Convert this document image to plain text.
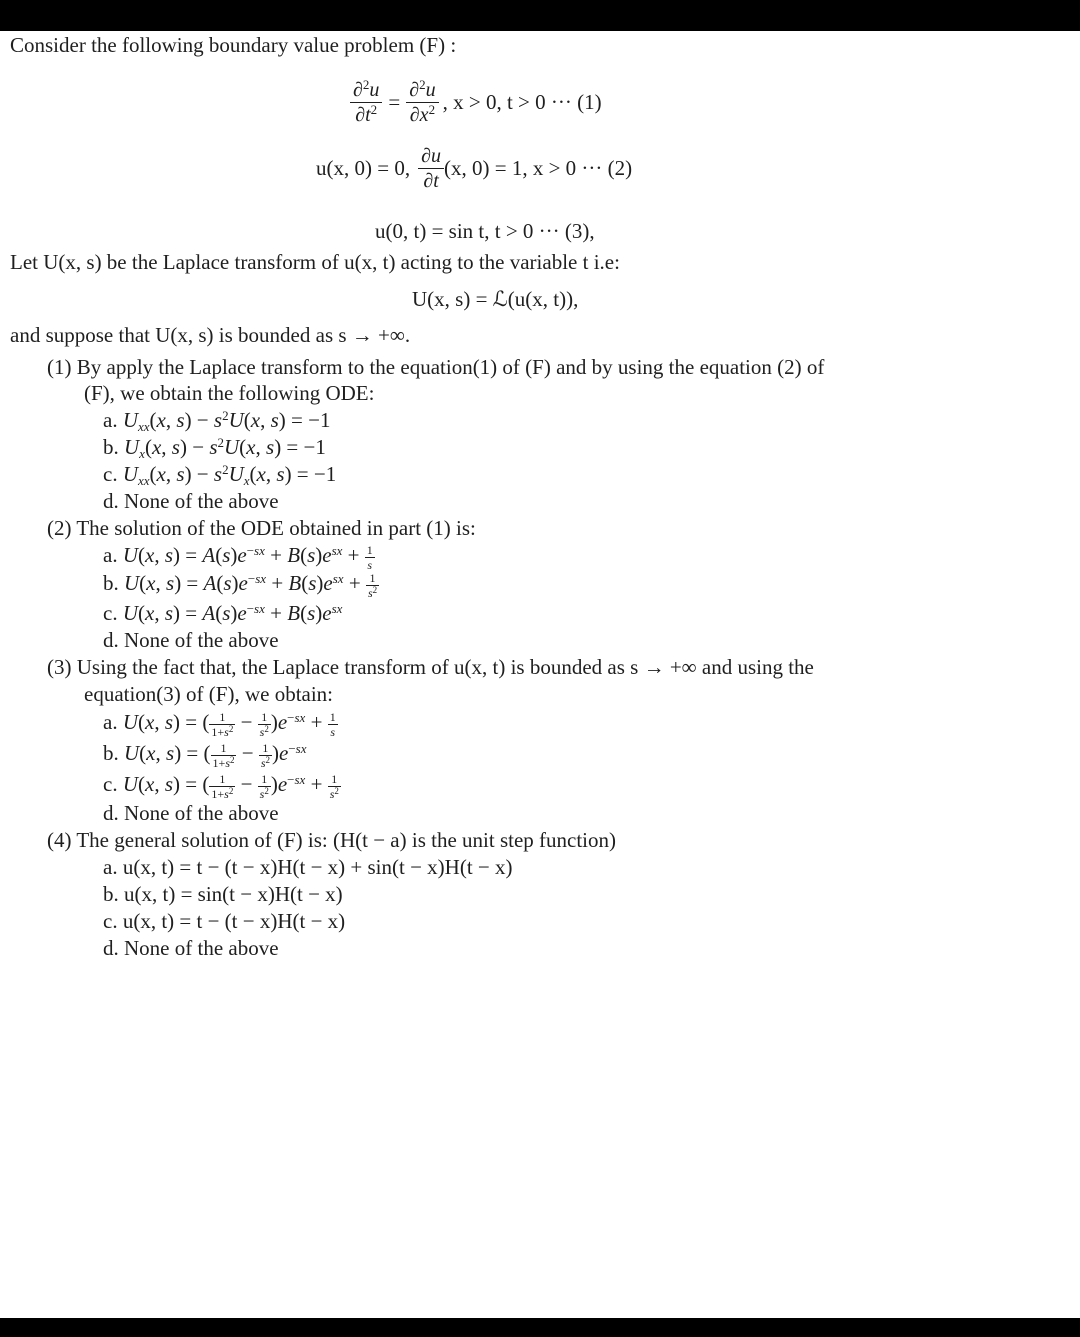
Consider the following boundary value problem (F) :
$\frac{\partial^2u}{\partial t^2} = \frac{\partial^2u}{\partial x^2}$ , x > 0, t > 0 ··· (1)
u(x, 0) = 0, $\frac{\partial u}{\partial t} (x$, 0) = 1, x > 0 ··· (2)
u(0, t) = sin t, t > 0 ··· (3),
Let U(x, s) be the Laplace transform of u(x, t) acting to the variable t i.e:
U(x, s) = ℒ(u(x, t)),
and suppose that U(x, s) is bounded as s → +∞.
(1) By apply the Laplace transform to the equation(1) of (F) and by using the equation (2) of
(F), we obtain the following ODE:
a. $U_{xx}(x$, $s) - s^2U(x$, s) = −1
b. $U_x(x$, $s) - s^2U(x$, s) = −1
c. $U_{xx}(x$, $s) - s^2U_x(x$, s) = −1
d. None of the above
(2) The solution of the ODE obtained in part (1) is:
a. U(x, $s) = A(s)e^{-sx} + B(s)e^{sx} + \frac{1}{s}$
b. U(x, $s) = A(s)e^{-sx} + B(s)e^{sx} + \frac{1}{s^2}$
c. U(x, $s) = A(s)e^{-sx} + B(s)e^{sx}$
d. None of the above
(3) Using the fact that, the Laplace transform of u(x, t) is bounded as s → +∞ and using the
equation(3) of (F), we obtain:
a. U(x, s) = ( $\frac{1}{1+s^2} - \frac{1}{s^2} )e^{-sx} + \frac{1}{s}$
b. U(x, s) = ( $\frac{1}{1+s^2} - \frac{1}{s^2} )e^{-sx}$
c. U(x, s) = ( $\frac{1}{1+s^2} - \frac{1}{s^2} )e^{-sx} + \frac{1}{s^2}$
d. None of the above
(4) The general solution of (F) is: (H(t − a) is the unit step function)
a. u(x, t) = t − (t − x)H(t − x) + sin(t − x)H(t − x)
b. u(x, t) = sin(t − x)H(t − x)
c. u(x, t) = t − (t − x)H(t − x)
d. None of the above
